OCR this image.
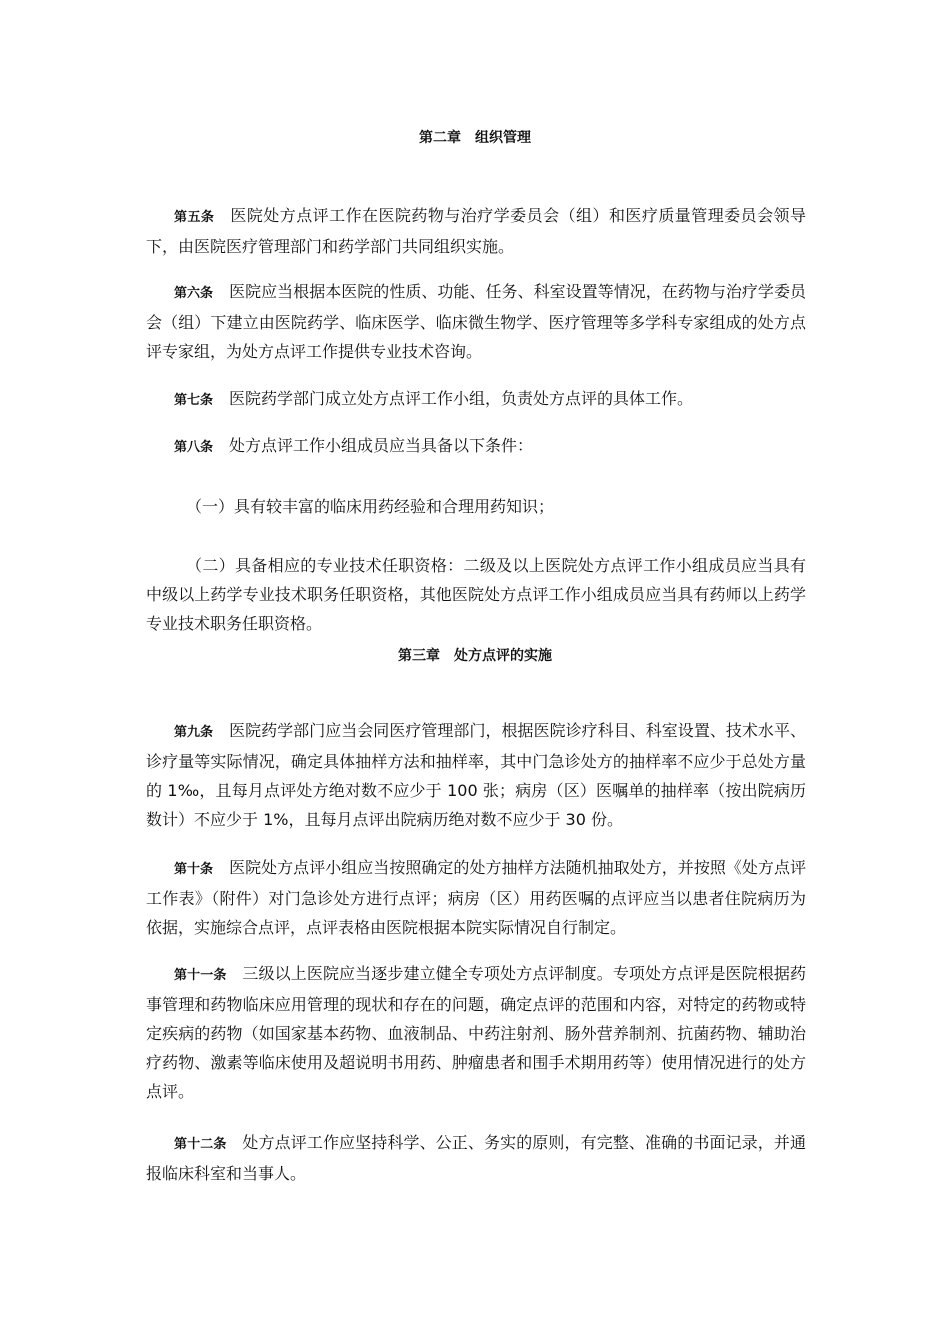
第二章　组织管理
第五条 医院处方点评工作在医院药物与治疗学委员会（组）和医疗质量管理委员会领导下，由医院医疗管理部门和药学部门共同组织实施。
第六条 医院应当根据本医院的性质、功能、任务、科室设置等情况，在药物与治疗学委员会（组）下建立由医院药学、临床医学、临床微生物学、医疗管理等多学科专家组成的处方点评专家组，为处方点评工作提供专业技术咨询。
第七条 医院药学部门成立处方点评工作小组，负责处方点评的具体工作。
第八条 处方点评工作小组成员应当具备以下条件：
（一）具有较丰富的临床用药经验和合理用药知识；
（二）具备相应的专业技术任职资格：二级及以上医院处方点评工作小组成员应当具有中级以上药学专业技术职务任职资格，其他医院处方点评工作小组成员应当具有药师以上药学专业技术职务任职资格。
第三章　处方点评的实施
第九条 医院药学部门应当会同医疗管理部门，根据医院诊疗科目、科室设置、技术水平、诊疗量等实际情况，确定具体抽样方法和抽样率，其中门急诊处方的抽样率不应少于总处方量的 1‰，且每月点评处方绝对数不应少于 100 张；病房（区）医嘱单的抽样率（按出院病历数计）不应少于 1%，且每月点评出院病历绝对数不应少于 30 份。
第十条 医院处方点评小组应当按照确定的处方抽样方法随机抽取处方，并按照《处方点评工作表》（附件）对门急诊处方进行点评；病房（区）用药医嘱的点评应当以患者住院病历为依据，实施综合点评，点评表格由医院根据本院实际情况自行制定。
第十一条 三级以上医院应当逐步建立健全专项处方点评制度。专项处方点评是医院根据药事管理和药物临床应用管理的现状和存在的问题，确定点评的范围和内容，对特定的药物或特定疾病的药物（如国家基本药物、血液制品、中药注射剂、肠外营养制剂、抗菌药物、辅助治疗药物、激素等临床使用及超说明书用药、肿瘤患者和围手术期用药等）使用情况进行的处方点评。
第十二条 处方点评工作应坚持科学、公正、务实的原则，有完整、准确的书面记录，并通报临床科室和当事人。
